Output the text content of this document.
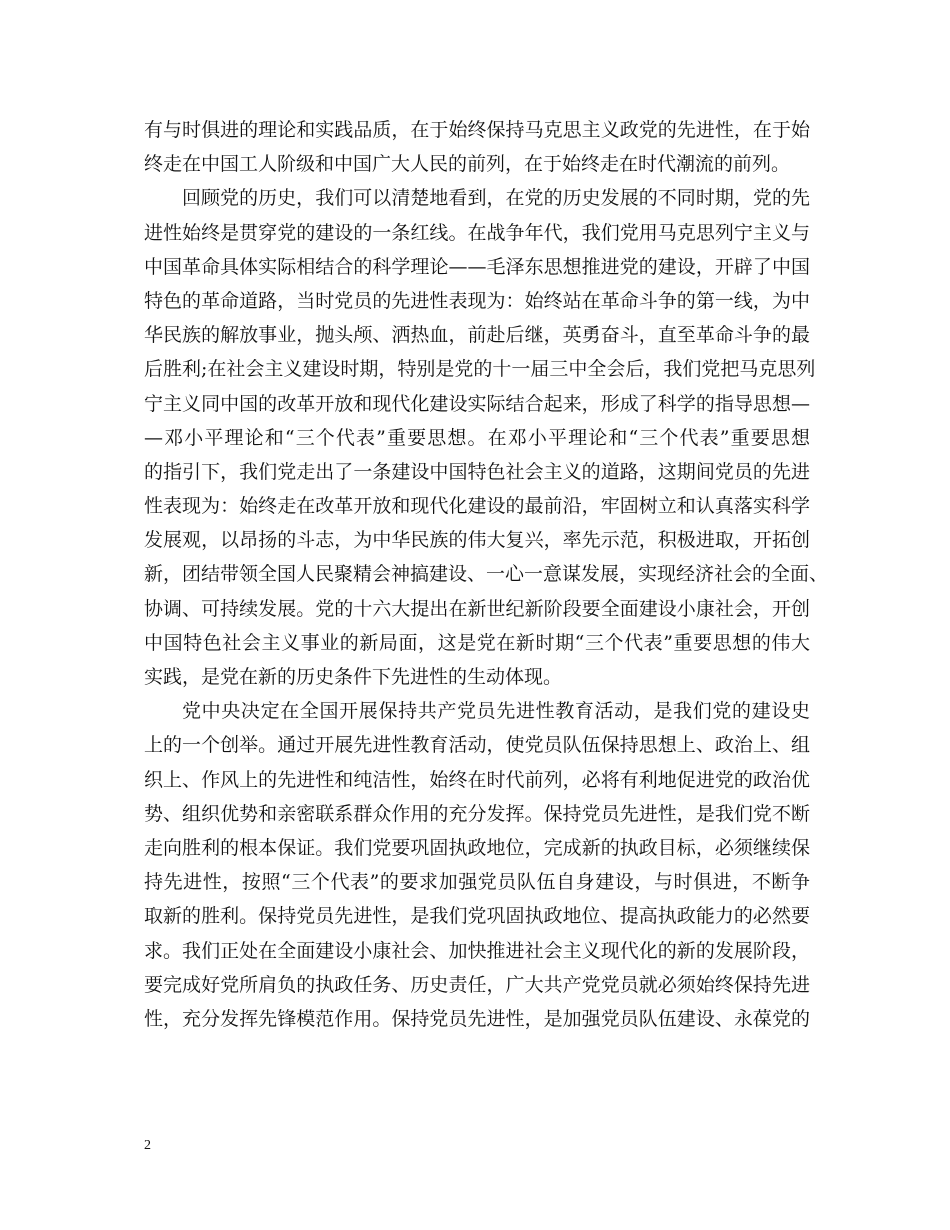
有与时俱进的理论和实践品质，在于始终保持马克思主义政党的先进性，在于始
终走在中国工人阶级和中国广大人民的前列，在于始终走在时代潮流的前列。
回顾党的历史，我们可以清楚地看到，在党的历史发展的不同时期，党的先
进性始终是贯穿党的建设的一条红线。在战争年代，我们党用马克思列宁主义与
中国革命具体实际相结合的科学理论——毛泽东思想推进党的建设，开辟了中国
特色的革命道路，当时党员的先进性表现为：始终站在革命斗争的第一线，为中
华民族的解放事业，抛头颅、洒热血，前赴后继，英勇奋斗，直至革命斗争的最
后胜利;在社会主义建设时期，特别是党的十一届三中全会后，我们党把马克思列
宁主义同中国的改革开放和现代化建设实际结合起来，形成了科学的指导思想—
—邓小平理论和“三个代表”重要思想。在邓小平理论和“三个代表”重要思想
的指引下，我们党走出了一条建设中国特色社会主义的道路，这期间党员的先进
性表现为：始终走在改革开放和现代化建设的最前沿，牢固树立和认真落实科学
发展观，以昂扬的斗志，为中华民族的伟大复兴，率先示范，积极进取，开拓创
新，团结带领全国人民聚精会神搞建设、一心一意谋发展，实现经济社会的全面、
协调、可持续发展。党的十六大提出在新世纪新阶段要全面建设小康社会，开创
中国特色社会主义事业的新局面，这是党在新时期“三个代表”重要思想的伟大
实践，是党在新的历史条件下先进性的生动体现。
党中央决定在全国开展保持共产党员先进性教育活动，是我们党的建设史
上的一个创举。通过开展先进性教育活动，使党员队伍保持思想上、政治上、组
织上、作风上的先进性和纯洁性，始终在时代前列，必将有利地促进党的政治优
势、组织优势和亲密联系群众作用的充分发挥。保持党员先进性，是我们党不断
走向胜利的根本保证。我们党要巩固执政地位，完成新的执政目标，必须继续保
持先进性，按照“三个代表”的要求加强党员队伍自身建设，与时俱进，不断争
取新的胜利。保持党员先进性，是我们党巩固执政地位、提高执政能力的必然要
求。我们正处在全面建设小康社会、加快推进社会主义现代化的新的发展阶段，
要完成好党所肩负的执政任务、历史责任，广大共产党党员就必须始终保持先进
性，充分发挥先锋模范作用。保持党员先进性，是加强党员队伍建设、永葆党的
2
